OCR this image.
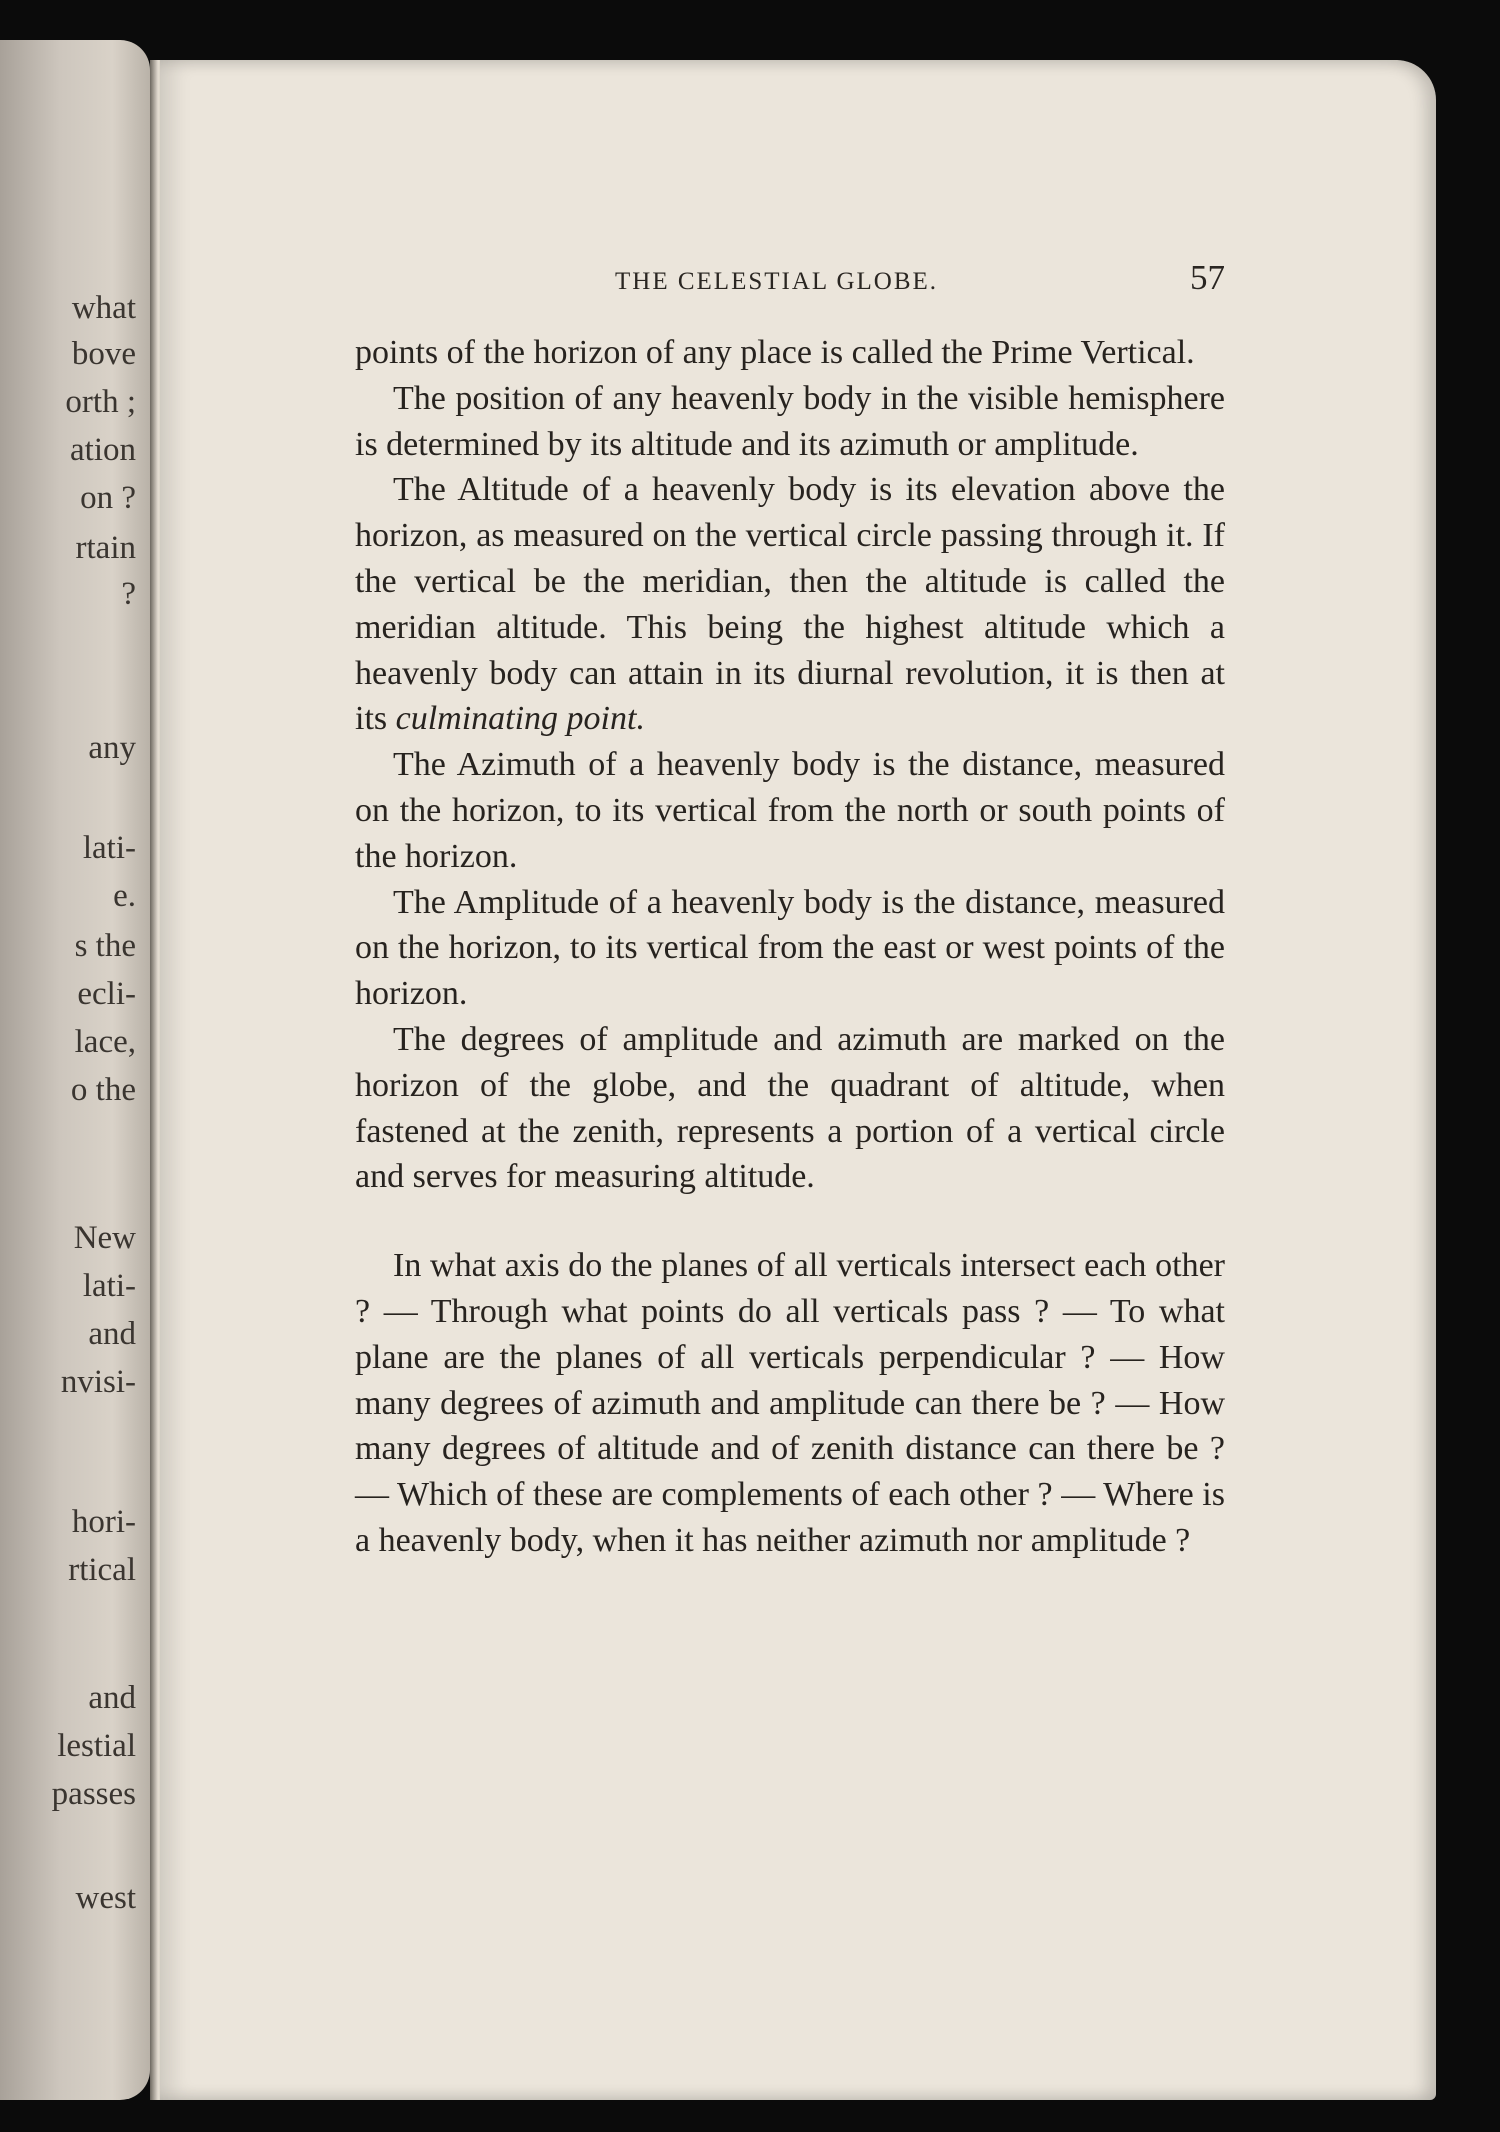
what
bove
orth ;
ation
on ?
rtain
?
any
lati-
e.
s the
ecli-
lace,
o the
New
lati-
and
nvisi-
hori-
rtical
and
lestial
passes
west
THE CELESTIAL GLOBE.	57

points of the horizon of any place is called the Prime Vertical.

The position of any heavenly body in the visible hemisphere is determined by its altitude and its azimuth or amplitude.

The Altitude of a heavenly body is its elevation above the horizon, as measured on the vertical circle passing through it. If the vertical be the meridian, then the altitude is called the meridian altitude. This being the highest altitude which a heavenly body can attain in its diurnal revolution, it is then at its culminating point.

The Azimuth of a heavenly body is the distance, measured on the horizon, to its vertical from the north or south points of the horizon.

The Amplitude of a heavenly body is the distance, measured on the horizon, to its vertical from the east or west points of the horizon.

The degrees of amplitude and azimuth are marked on the horizon of the globe, and the quadrant of altitude, when fastened at the zenith, represents a portion of a vertical circle and serves for measuring altitude.

In what axis do the planes of all verticals intersect each other ? — Through what points do all verticals pass ? — To what plane are the planes of all verticals perpendicular ? — How many degrees of azimuth and amplitude can there be ? — How many degrees of altitude and of zenith distance can there be ? — Which of these are complements of each other ? — Where is a heavenly body, when it has neither azimuth nor amplitude ?
